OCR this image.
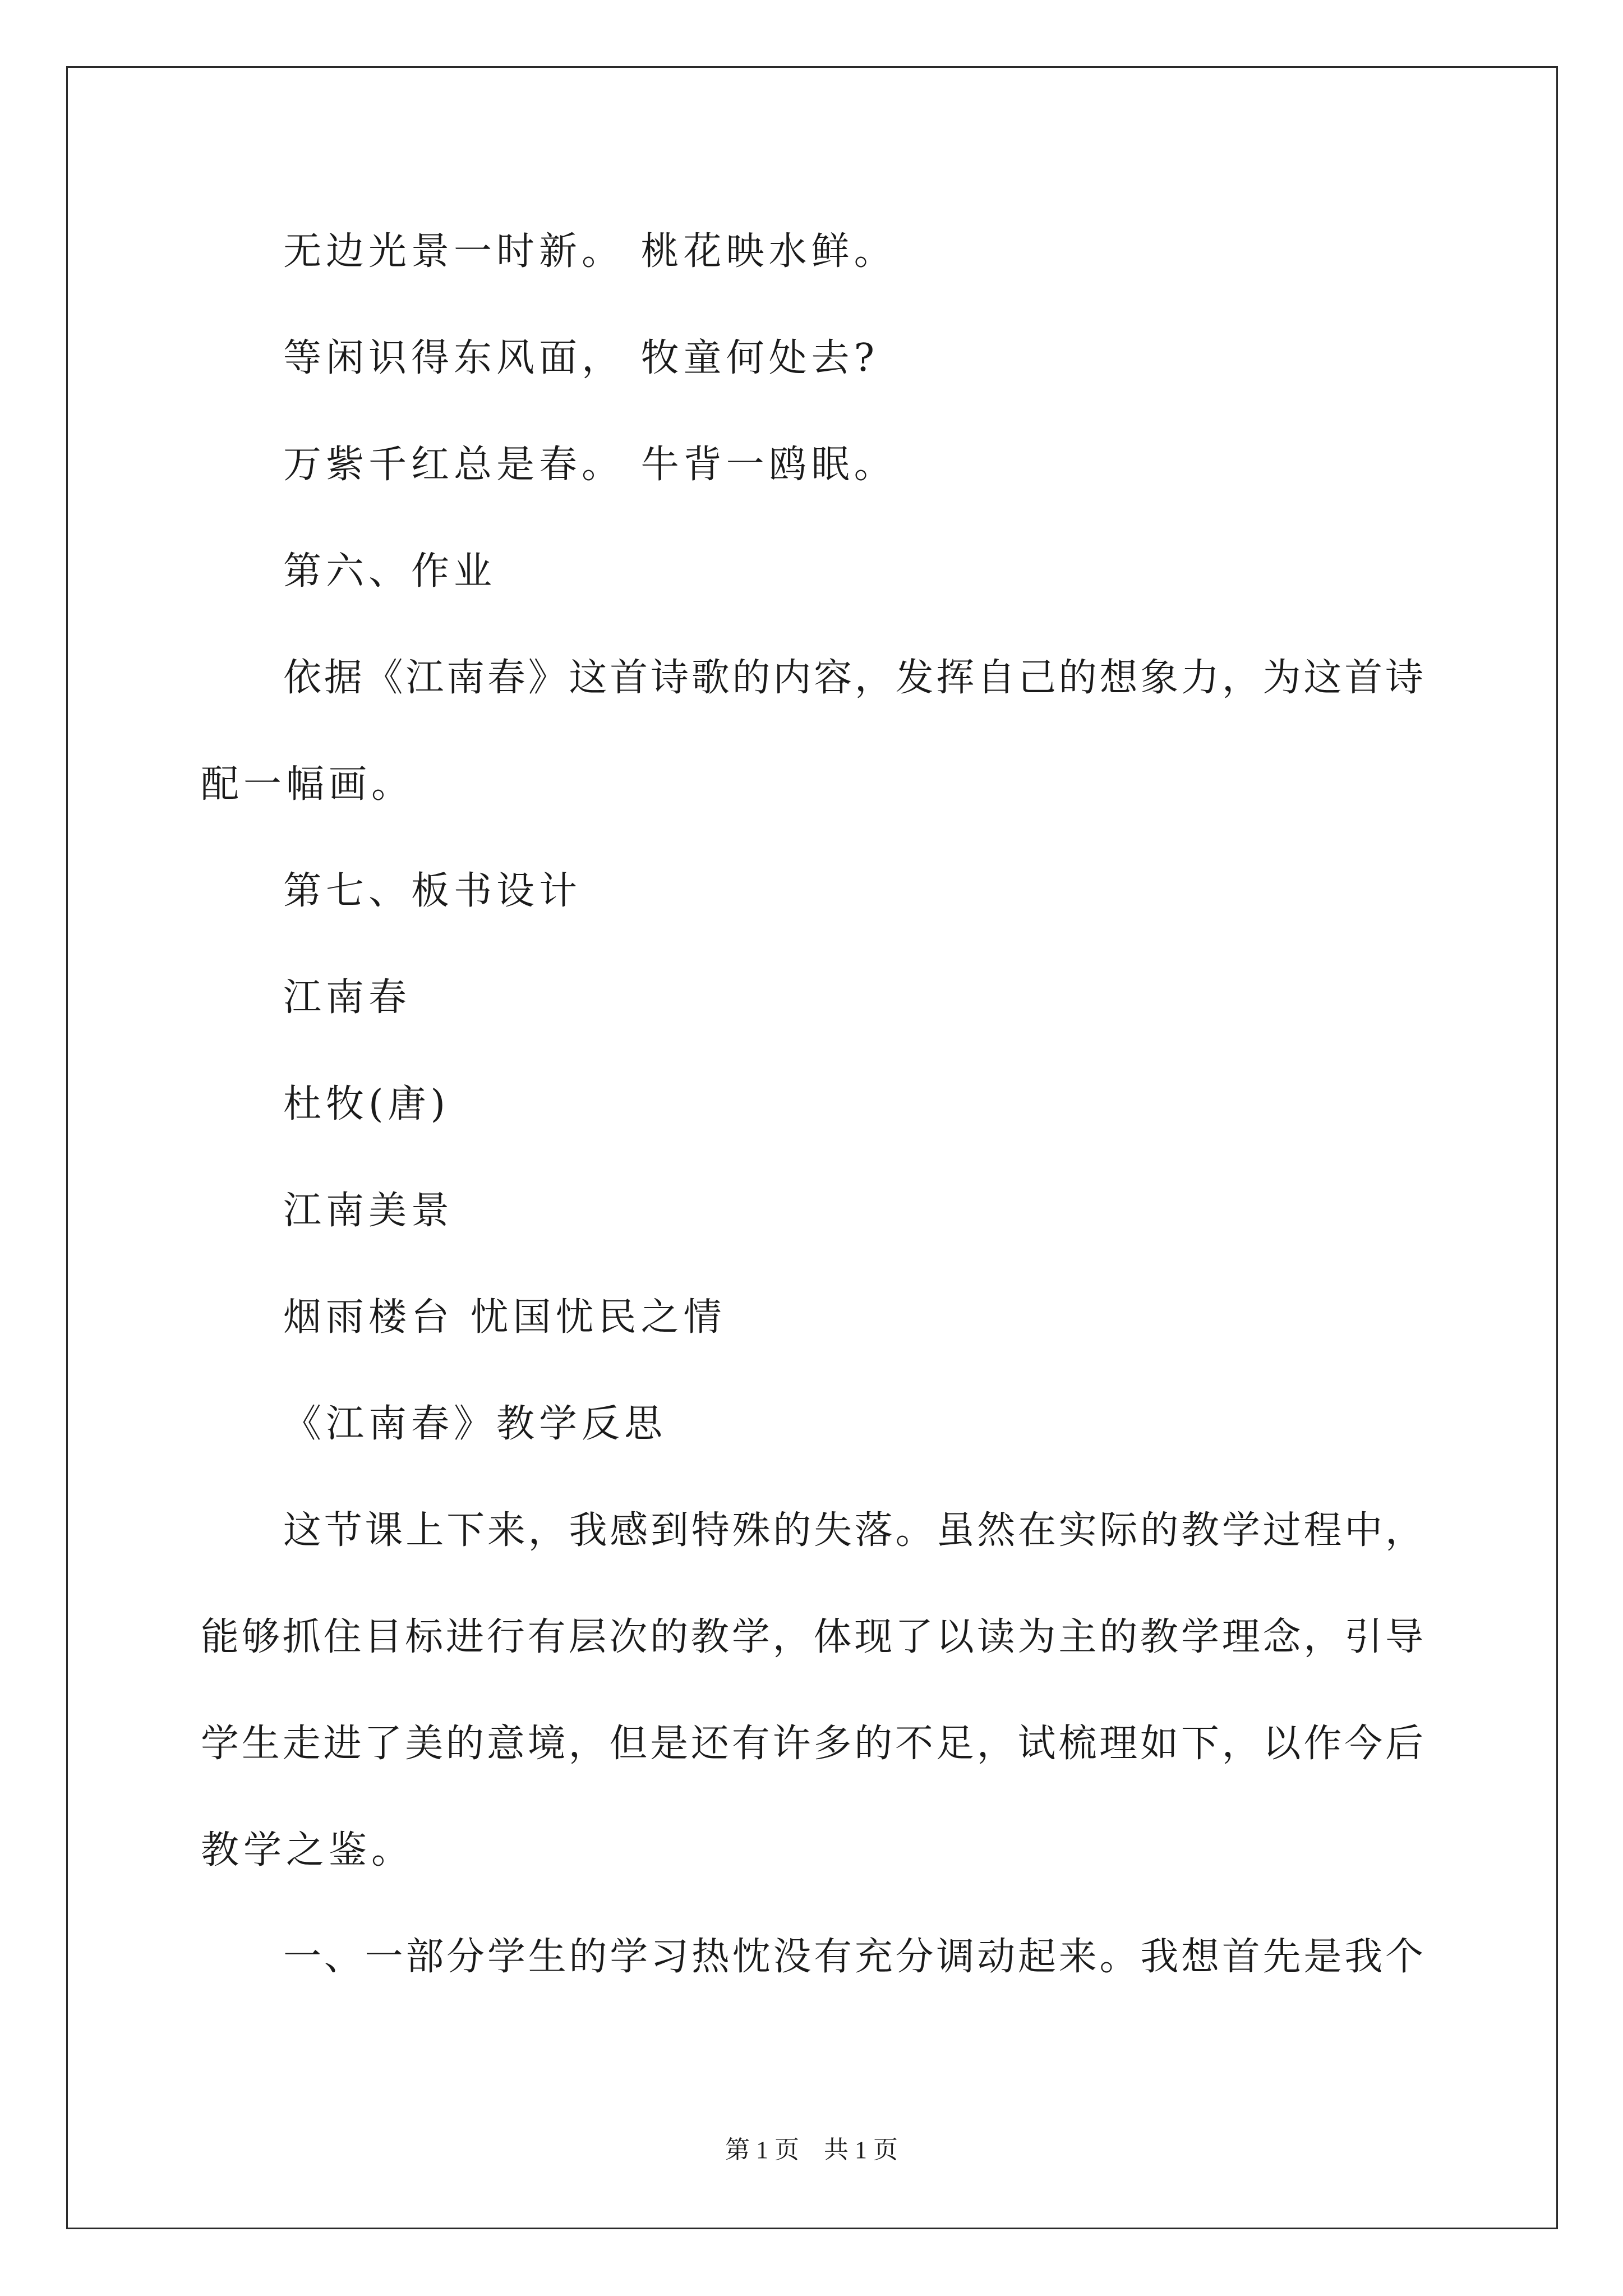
无边光景一时新。 桃花映水鲜。
等闲识得东风面， 牧童何处去?
万紫千红总是春。 牛背一鸥眠。
第六、作业
依据《江南春》这首诗歌的内容，发挥自己的想象力，为这首诗
配一幅画。
第七、板书设计
江南春
杜牧(唐)
江南美景
烟雨楼台 忧国忧民之情
《江南春》教学反思
这节课上下来，我感到特殊的失落。虽然在实际的教学过程中，
能够抓住目标进行有层次的教学，体现了以读为主的教学理念，引导
学生走进了美的意境，但是还有许多的不足，试梳理如下，以作今后
教学之鉴。
一、一部分学生的学习热忱没有充分调动起来。我想首先是我个
第 1 页　共 1 页
